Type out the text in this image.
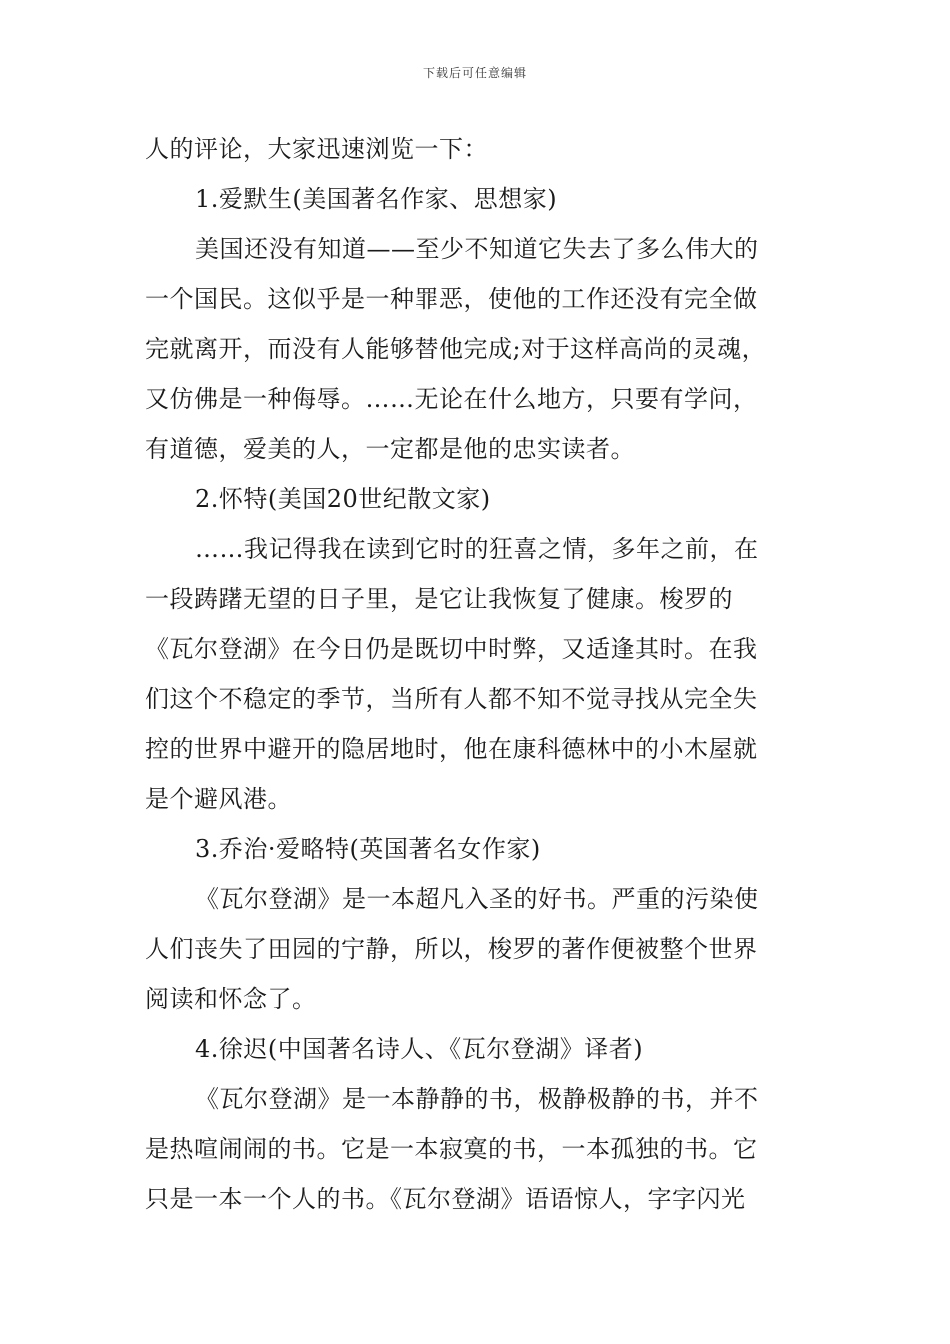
下载后可任意编辑
人的评论，大家迅速浏览一下：
1.爱默生(美国著名作家、思想家)
美国还没有知道——至少不知道它失去了多么伟大的
一个国民。这似乎是一种罪恶，使他的工作还没有完全做
完就离开，而没有人能够替他完成;对于这样高尚的灵魂，
又仿佛是一种侮辱。……无论在什么地方，只要有学问，
有道德，爱美的人，一定都是他的忠实读者。
2.怀特(美国20世纪散文家)
……我记得我在读到它时的狂喜之情，多年之前，在
一段踌躇无望的日子里，是它让我恢复了健康。梭罗的
《瓦尔登湖》在今日仍是既切中时弊，又适逢其时。在我
们这个不稳定的季节，当所有人都不知不觉寻找从完全失
控的世界中避开的隐居地时，他在康科德林中的小木屋就
是个避风港。
3.乔治·爱略特(英国著名女作家)
《瓦尔登湖》是一本超凡入圣的好书。严重的污染使
人们丧失了田园的宁静，所以，梭罗的著作便被整个世界
阅读和怀念了。
4.徐迟(中国著名诗人、《瓦尔登湖》译者)
《瓦尔登湖》是一本静静的书，极静极静的书，并不
是热喧闹闹的书。它是一本寂寞的书，一本孤独的书。它
只是一本一个人的书。《瓦尔登湖》语语惊人，字字闪光
